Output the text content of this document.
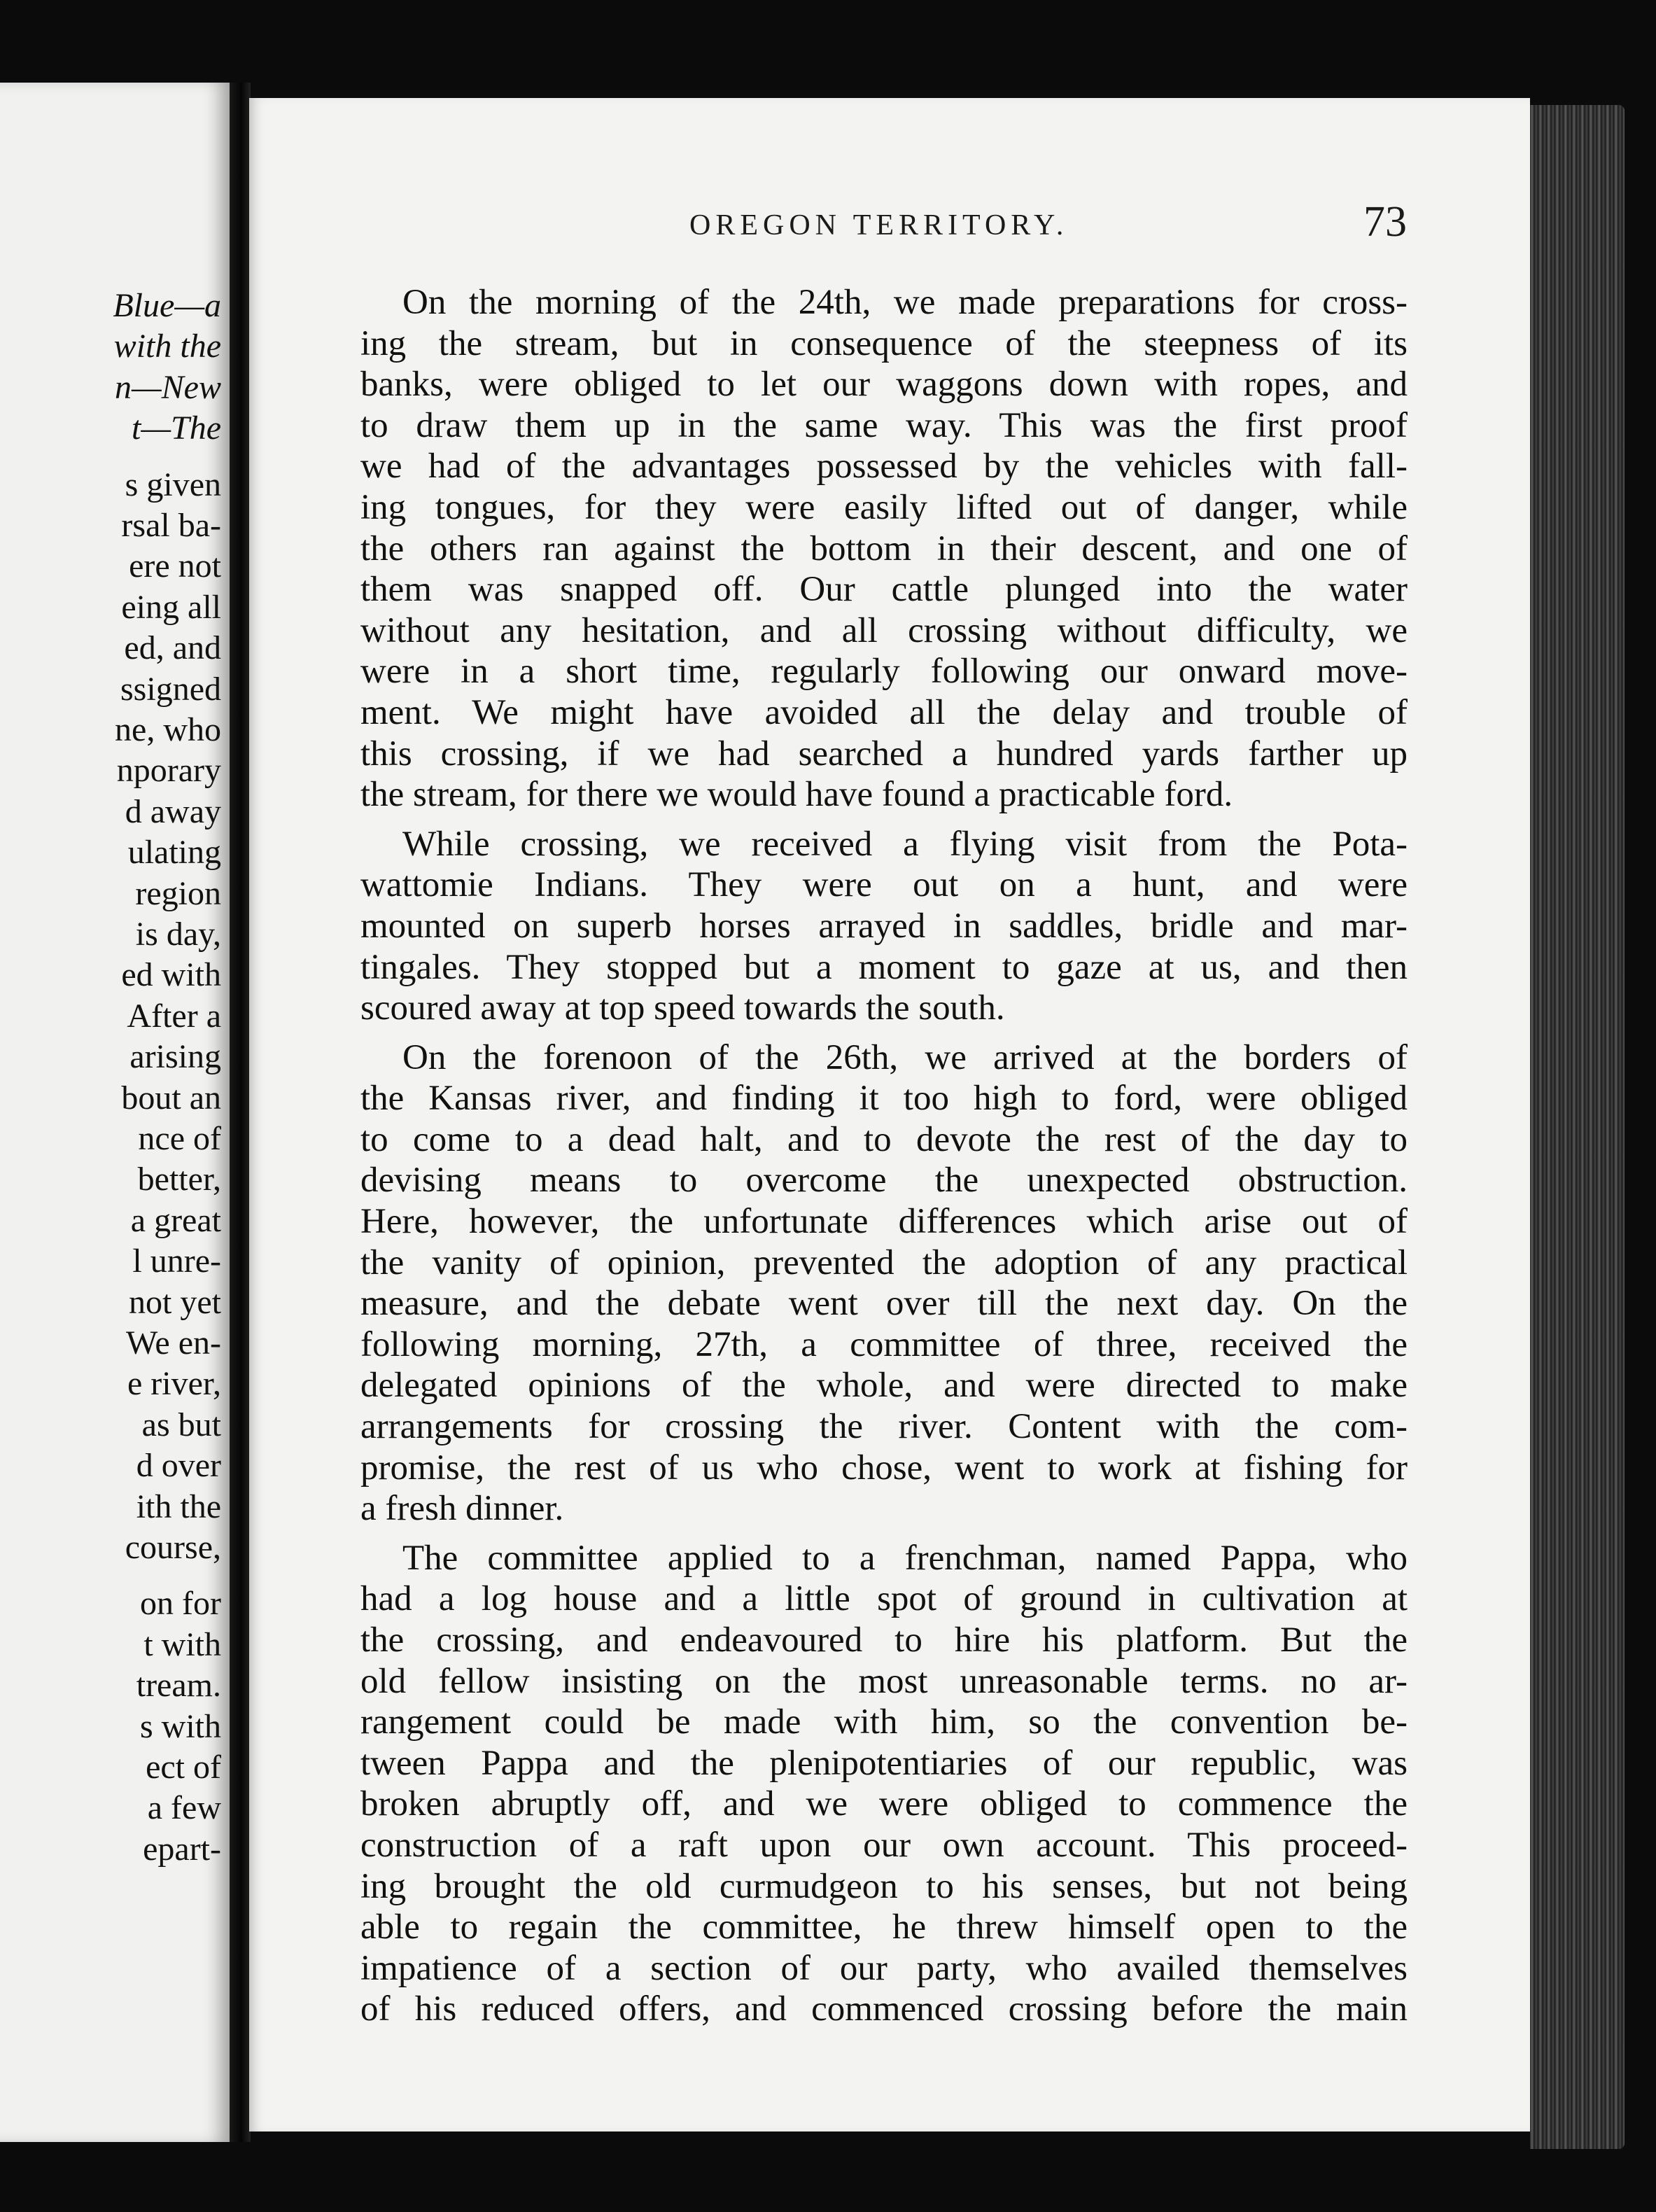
Blue—a
with the
n—New
t—The
s given
rsal ba-
ere not
eing all
ed, and
ssigned
ne, who
nporary
d away
ulating
region
is day,
ed with
After a
arising
bout an
nce of
better,
a great
l unre-
not yet
We en-
e river,
as but
d over
ith the
course,
on for
t with
tream.
s with
ect of
a few
epart-
OREGON TERRITORY.	73
On the morning of the 24th, we made preparations for cross-
ing the stream, but in consequence of the steepness of its
banks, were obliged to let our waggons down with ropes, and
to draw them up in the same way. This was the first proof
we had of the advantages possessed by the vehicles with fall-
ing tongues, for they were easily lifted out of danger, while
the others ran against the bottom in their descent, and one of
them was snapped off. Our cattle plunged into the water
without any hesitation, and all crossing without difficulty, we
were in a short time, regularly following our onward move-
ment. We might have avoided all the delay and trouble of
this crossing, if we had searched a hundred yards farther up
the stream, for there we would have found a practicable ford.
While crossing, we received a flying visit from the Pota-
wattomie Indians. They were out on a hunt, and were
mounted on superb horses arrayed in saddles, bridle and mar-
tingales. They stopped but a moment to gaze at us, and then
scoured away at top speed towards the south.
On the forenoon of the 26th, we arrived at the borders of
the Kansas river, and finding it too high to ford, were obliged
to come to a dead halt, and to devote the rest of the day to
devising means to overcome the unexpected obstruction.
Here, however, the unfortunate differences which arise out of
the vanity of opinion, prevented the adoption of any practical
measure, and the debate went over till the next day. On the
following morning, 27th, a committee of three, received the
delegated opinions of the whole, and were directed to make
arrangements for crossing the river. Content with the com-
promise, the rest of us who chose, went to work at fishing for
a fresh dinner.
The committee applied to a frenchman, named Pappa, who
had a log house and a little spot of ground in cultivation at
the crossing, and endeavoured to hire his platform. But the
old fellow insisting on the most unreasonable terms. no ar-
rangement could be made with him, so the convention be-
tween Pappa and the plenipotentiaries of our republic, was
broken abruptly off, and we were obliged to commence the
construction of a raft upon our own account. This proceed-
ing brought the old curmudgeon to his senses, but not being
able to regain the committee, he threw himself open to the
impatience of a section of our party, who availed themselves
of his reduced offers, and commenced crossing before the main
